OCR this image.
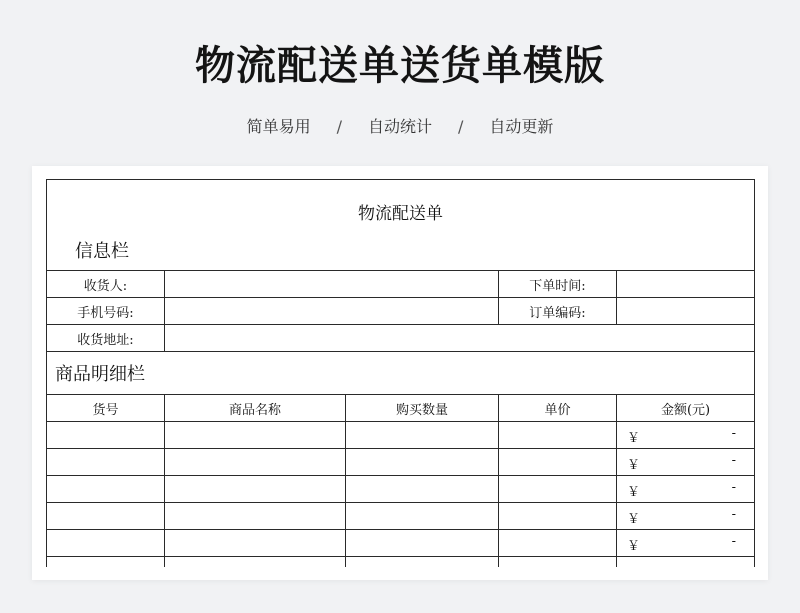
物流配送单送货单模版
简单易用 / 自动统计 / 自动更新
物流配送单				
信息栏				
收货人:			下单时间:	
手机号码:			订单编码:	
收货地址:				
商品明细栏				
货号	商品名称	购买数量	单价	金额(元)

				￥ -

				￥ -

				￥ -

				￥ -

				￥ -
